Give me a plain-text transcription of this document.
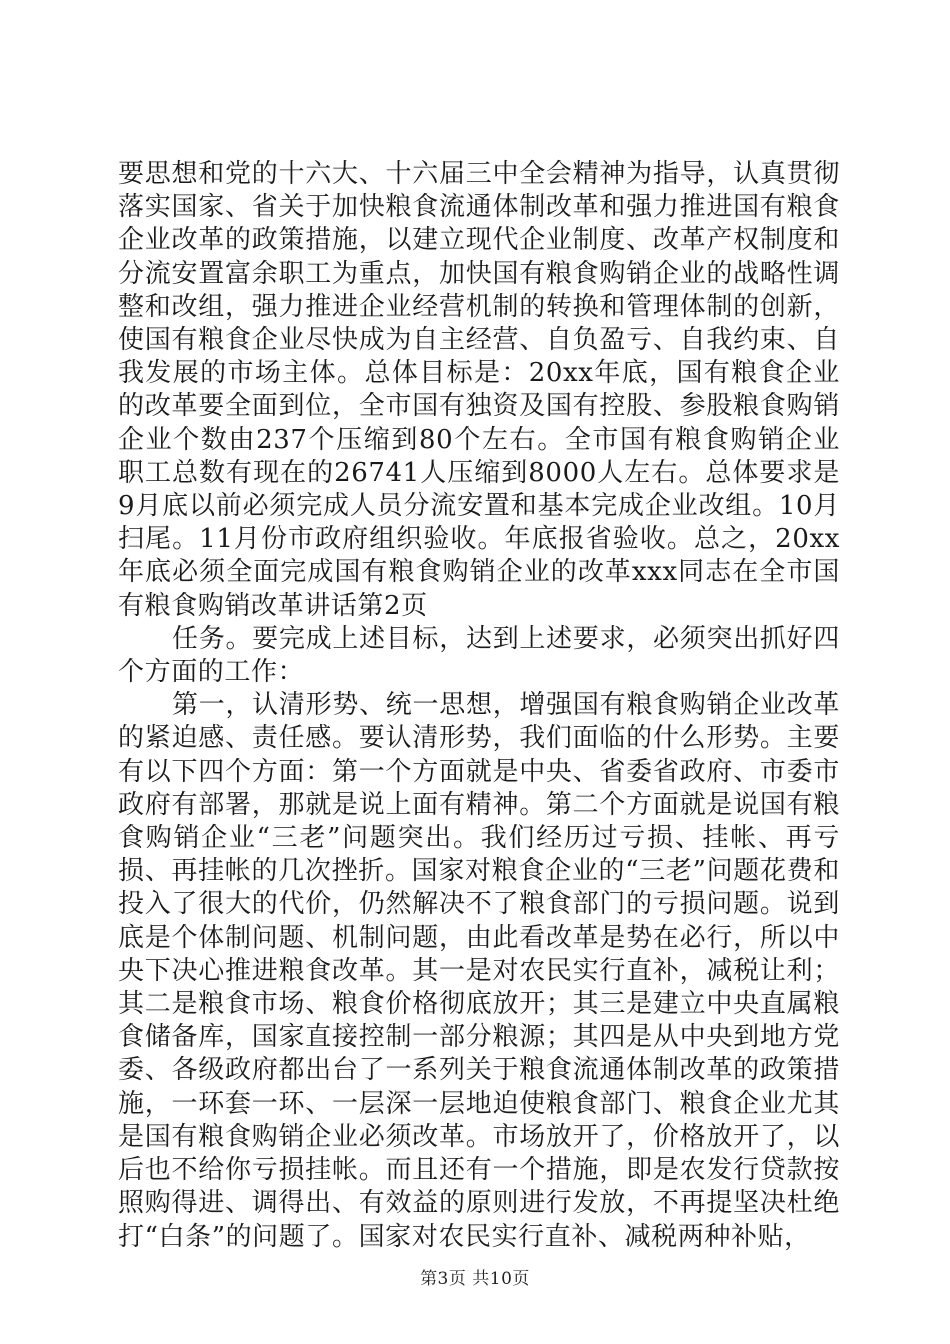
要思想和党的十六大、十六届三中全会精神为指导，认真贯彻落实国家、省关于加快粮食流通体制改革和强力推进国有粮食企业改革的政策措施，以建立现代企业制度、改革产权制度和分流安置富余职工为重点，加快国有粮食购销企业的战略性调整和改组，强力推进企业经营机制的转换和管理体制的创新，使国有粮食企业尽快成为自主经营、自负盈亏、自我约束、自我发展的市场主体。总体目标是：20xx年底，国有粮食企业的改革要全面到位，全市国有独资及国有控股、参股粮食购销企业个数由237个压缩到80个左右。全市国有粮食购销企业职工总数有现在的26741人压缩到8000人左右。总体要求是9月底以前必须完成人员分流安置和基本完成企业改组。10月扫尾。11月份市政府组织验收。年底报省验收。总之，20xx年底必须全面完成国有粮食购销企业的改革xxx同志在全市国有粮食购销改革讲话第2页

任务。要完成上述目标，达到上述要求，必须突出抓好四个方面的工作：

第一，认清形势、统一思想，增强国有粮食购销企业改革的紧迫感、责任感。要认清形势，我们面临的什么形势。主要有以下四个方面：第一个方面就是中央、省委省政府、市委市政府有部署，那就是说上面有精神。第二个方面就是说国有粮食购销企业“三老”问题突出。我们经历过亏损、挂帐、再亏损、再挂帐的几次挫折。国家对粮食企业的“三老”问题花费和投入了很大的代价，仍然解决不了粮食部门的亏损问题。说到底是个体制问题、机制问题，由此看改革是势在必行，所以中央下决心推进粮食改革。其一是对农民实行直补，减税让利；其二是粮食市场、粮食价格彻底放开；其三是建立中央直属粮食储备库，国家直接控制一部分粮源；其四是从中央到地方党委、各级政府都出台了一系列关于粮食流通体制改革的政策措施，一环套一环、一层深一层地迫使粮食部门、粮食企业尤其是国有粮食购销企业必须改革。市场放开了，价格放开了，以后也不给你亏损挂帐。而且还有一个措施，即是农发行贷款按照购得进、调得出、有效益的原则进行发放，不再提坚决杜绝打“白条”的问题了。国家对农民实行直补、减税两种补贴，

第3页 共10页
